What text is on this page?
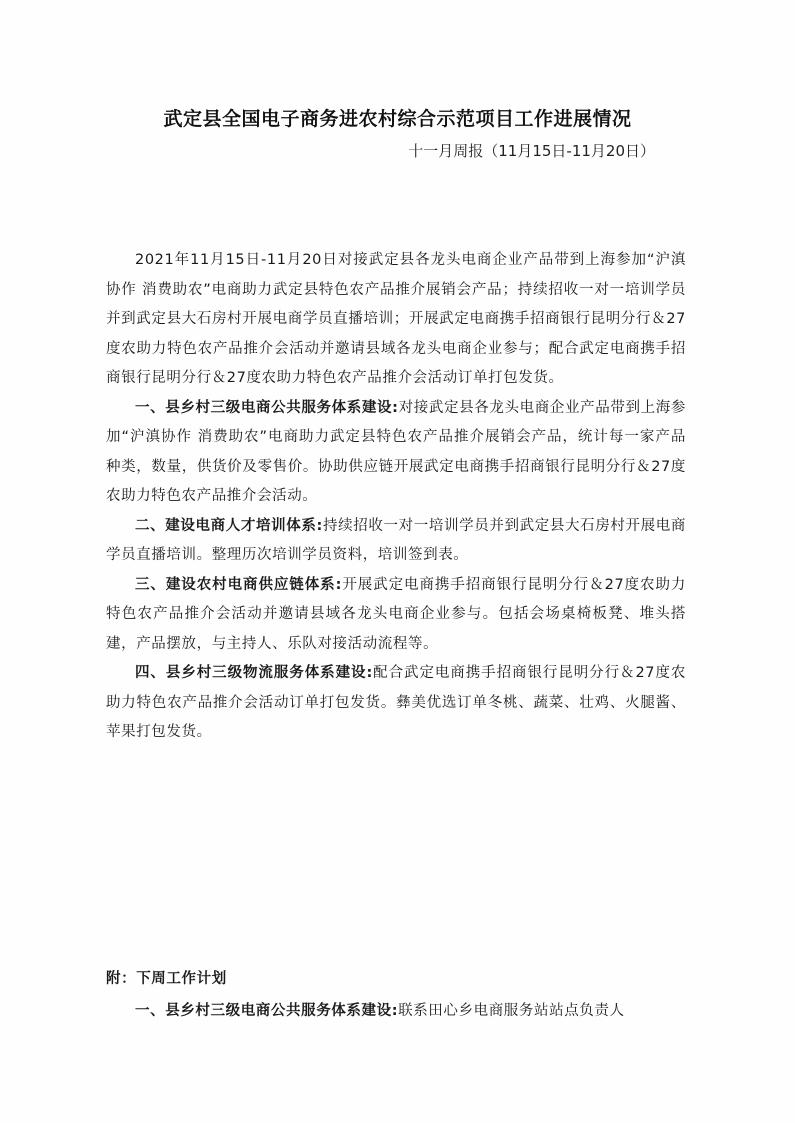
武定县全国电子商务进农村综合示范项目工作进展情况
十一月周报（11月15日-11月20日）

2021年11月15日-11月20日对接武定县各龙头电商企业产品带到上海参加“沪滇协作 消费助农”电商助力武定县特色农产品推介展销会产品；持续招收一对一培训学员并到武定县大石房村开展电商学员直播培训；开展武定电商携手招商银行昆明分行＆27度农助力特色农产品推介会活动并邀请县域各龙头电商企业参与；配合武定电商携手招商银行昆明分行＆27度农助力特色农产品推介会活动订单打包发货。

一、县乡村三级电商公共服务体系建设:对接武定县各龙头电商企业产品带到上海参加“沪滇协作 消费助农”电商助力武定县特色农产品推介展销会产品，统计每一家产品种类，数量，供货价及零售价。协助供应链开展武定电商携手招商银行昆明分行＆27度农助力特色农产品推介会活动。

二、建设电商人才培训体系:持续招收一对一培训学员并到武定县大石房村开展电商学员直播培训。整理历次培训学员资料，培训签到表。

三、建设农村电商供应链体系:开展武定电商携手招商银行昆明分行＆27度农助力特色农产品推介会活动并邀请县域各龙头电商企业参与。包括会场桌椅板凳、堆头搭建，产品摆放，与主持人、乐队对接活动流程等。

四、县乡村三级物流服务体系建设:配合武定电商携手招商银行昆明分行＆27度农助力特色农产品推介会活动订单打包发货。彝美优选订单冬桃、蔬菜、壮鸡、火腿酱、苹果打包发货。

附：下周工作计划

一、县乡村三级电商公共服务体系建设:联系田心乡电商服务站站点负责人
